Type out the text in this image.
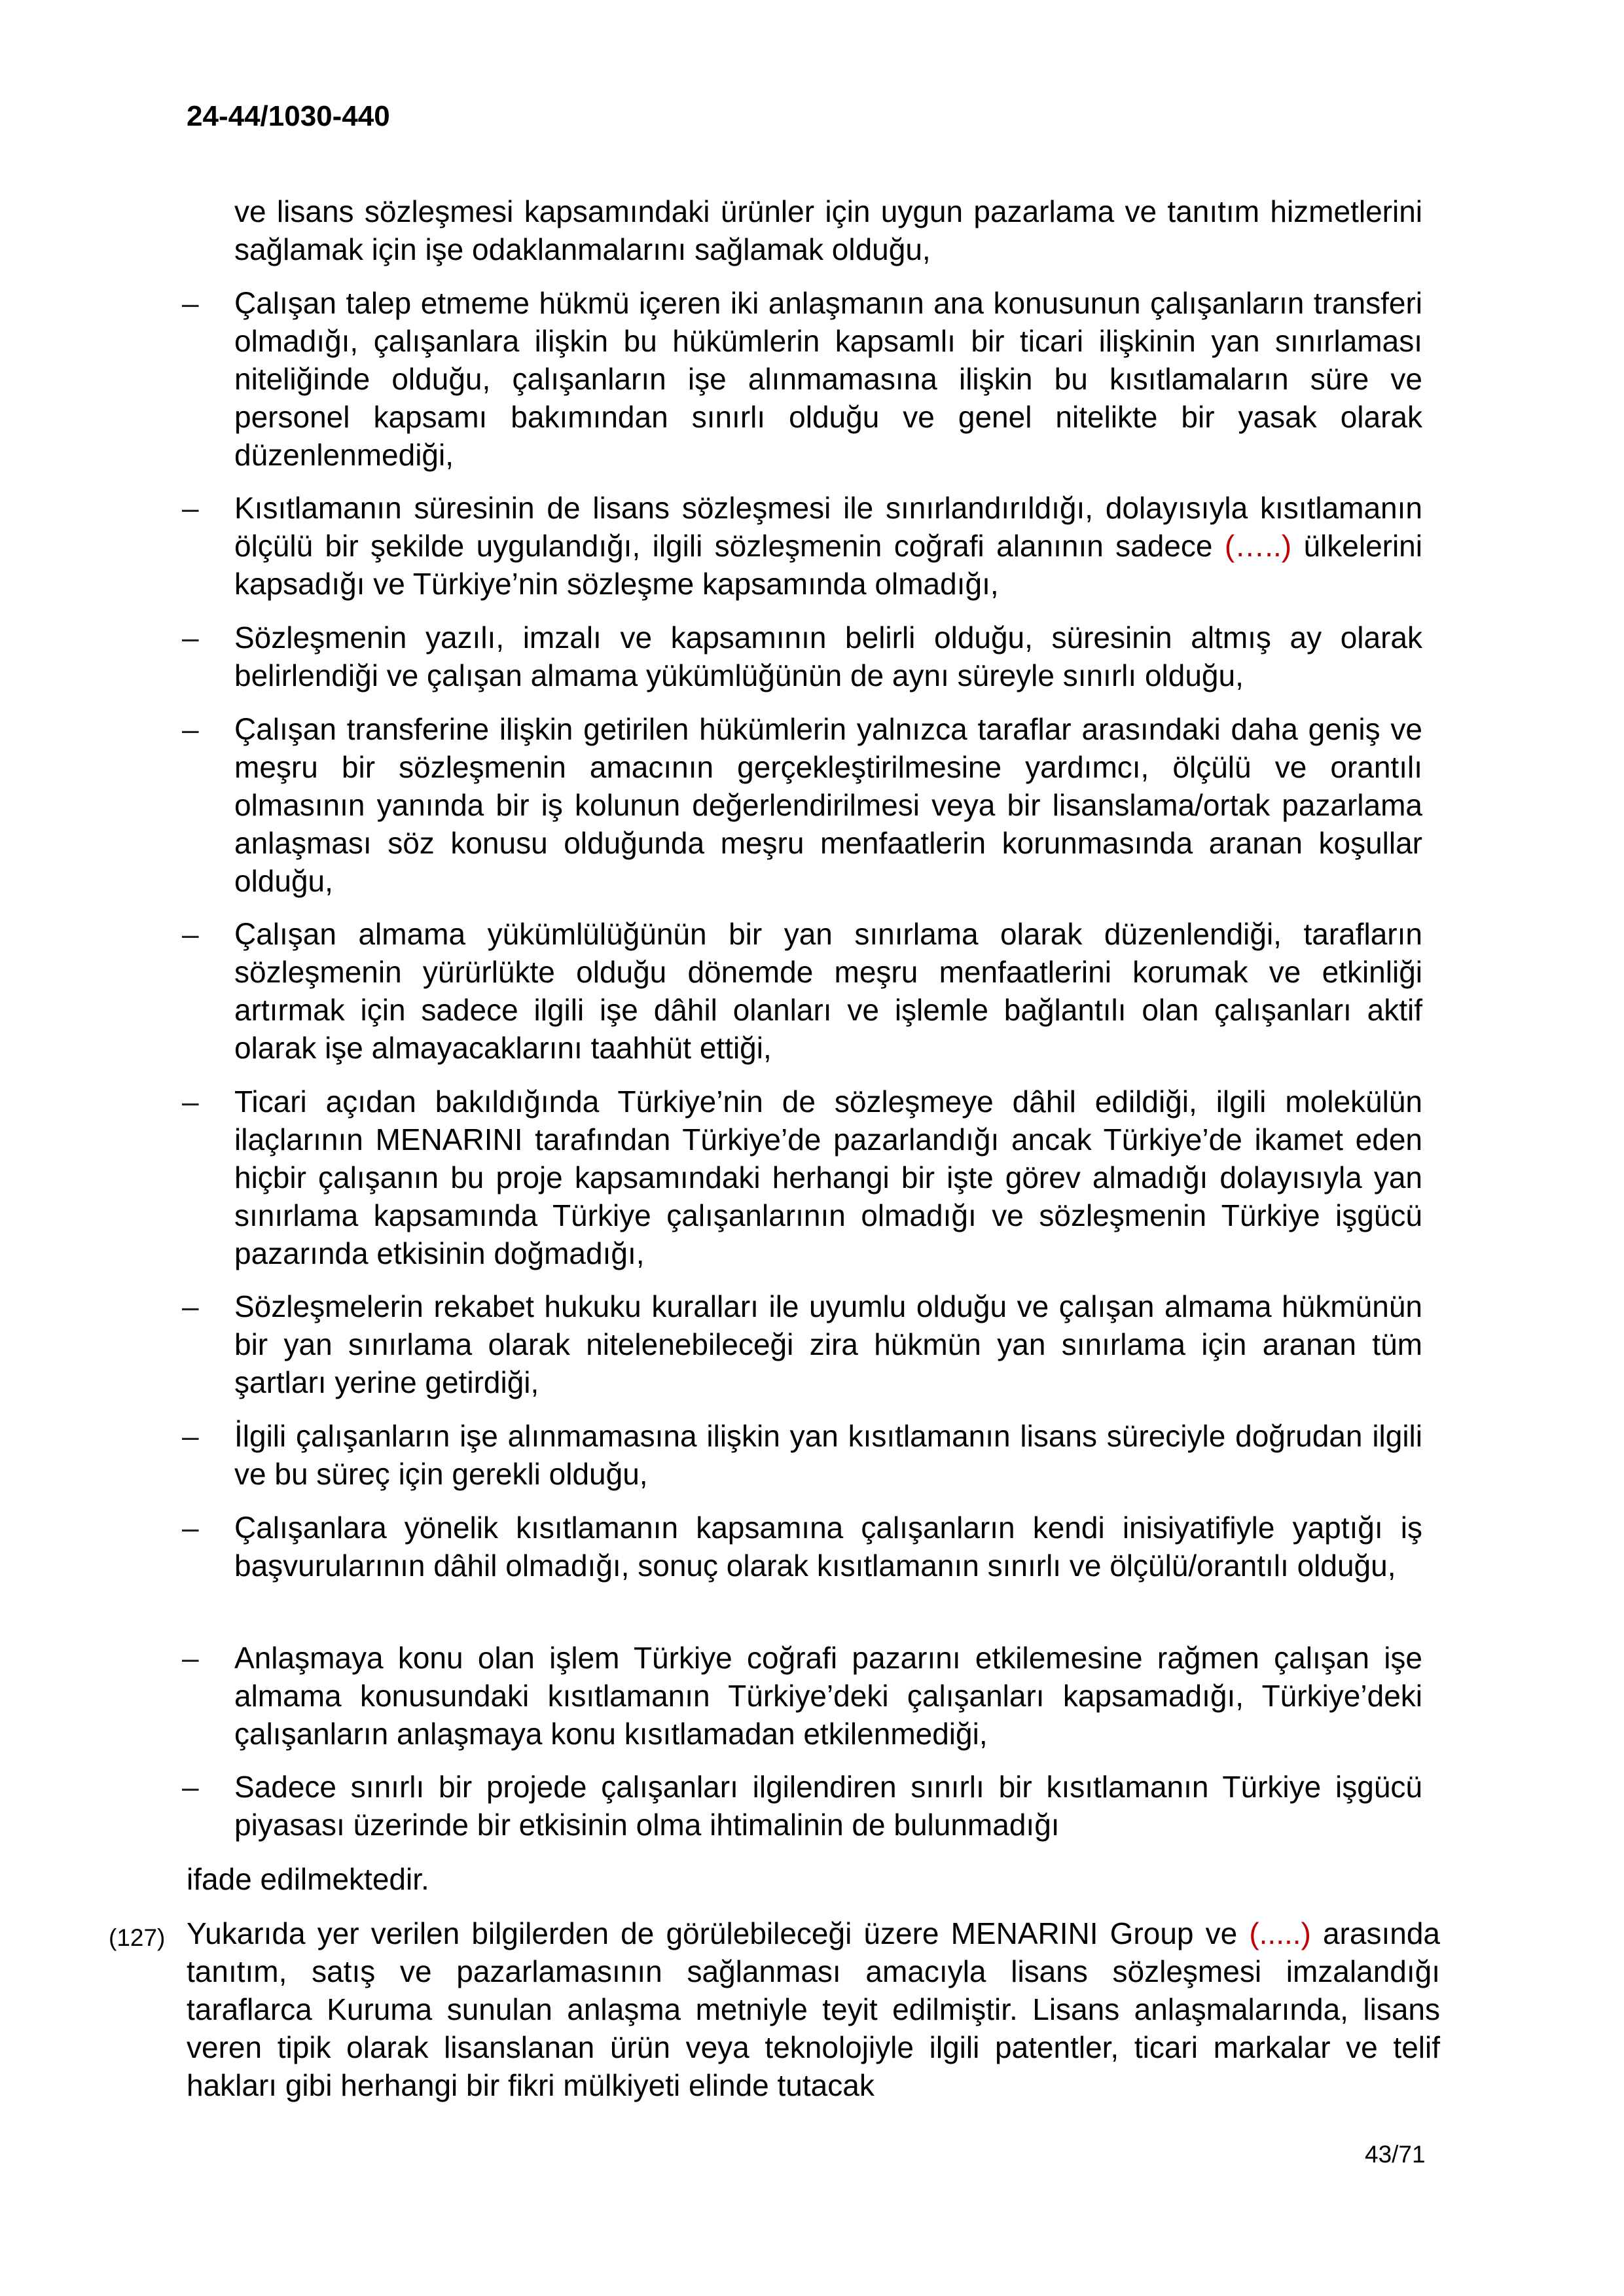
24-44/1030-440

ve lisans sözleşmesi kapsamındaki ürünler için uygun pazarlama ve tanıtım hizmetlerini sağlamak için işe odaklanmalarını sağlamak olduğu,

– Çalışan talep etmeme hükmü içeren iki anlaşmanın ana konusunun çalışanların transferi olmadığı, çalışanlara ilişkin bu hükümlerin kapsamlı bir ticari ilişkinin yan sınırlaması niteliğinde olduğu, çalışanların işe alınmamasına ilişkin bu kısıtlamaların süre ve personel kapsamı bakımından sınırlı olduğu ve genel nitelikte bir yasak olarak düzenlenmediği,

– Kısıtlamanın süresinin de lisans sözleşmesi ile sınırlandırıldığı, dolayısıyla kısıtlamanın ölçülü bir şekilde uygulandığı, ilgili sözleşmenin coğrafi alanının sadece (…..) ülkelerini kapsadığı ve Türkiye’nin sözleşme kapsamında olmadığı,

– Sözleşmenin yazılı, imzalı ve kapsamının belirli olduğu, süresinin altmış ay olarak belirlendiği ve çalışan almama yükümlüğünün de aynı süreyle sınırlı olduğu,

– Çalışan transferine ilişkin getirilen hükümlerin yalnızca taraflar arasındaki daha geniş ve meşru bir sözleşmenin amacının gerçekleştirilmesine yardımcı, ölçülü ve orantılı olmasının yanında bir iş kolunun değerlendirilmesi veya bir lisanslama/ortak pazarlama anlaşması söz konusu olduğunda meşru menfaatlerin korunmasında aranan koşullar olduğu,

– Çalışan almama yükümlülüğünün bir yan sınırlama olarak düzenlendiği, tarafların sözleşmenin yürürlükte olduğu dönemde meşru menfaatlerini korumak ve etkinliği artırmak için sadece ilgili işe dâhil olanları ve işlemle bağlantılı olan çalışanları aktif olarak işe almayacaklarını taahhüt ettiği,

– Ticari açıdan bakıldığında Türkiye’nin de sözleşmeye dâhil edildiği, ilgili molekülün ilaçlarının MENARINI tarafından Türkiye’de pazarlandığı ancak Türkiye’de ikamet eden hiçbir çalışanın bu proje kapsamındaki herhangi bir işte görev almadığı dolayısıyla yan sınırlama kapsamında Türkiye çalışanlarının olmadığı ve sözleşmenin Türkiye işgücü pazarında etkisinin doğmadığı,

– Sözleşmelerin rekabet hukuku kuralları ile uyumlu olduğu ve çalışan almama hükmünün bir yan sınırlama olarak nitelenebileceği zira hükmün yan sınırlama için aranan tüm şartları yerine getirdiği,

– İlgili çalışanların işe alınmamasına ilişkin yan kısıtlamanın lisans süreciyle doğrudan ilgili ve bu süreç için gerekli olduğu,

– Çalışanlara yönelik kısıtlamanın kapsamına çalışanların kendi inisiyatifiyle yaptığı iş başvurularının dâhil olmadığı, sonuç olarak kısıtlamanın sınırlı ve ölçülü/orantılı olduğu,

– Anlaşmaya konu olan işlem Türkiye coğrafi pazarını etkilemesine rağmen çalışan işe almama konusundaki kısıtlamanın Türkiye’deki çalışanları kapsamadığı, Türkiye’deki çalışanların anlaşmaya konu kısıtlamadan etkilenmediği,

– Sadece sınırlı bir projede çalışanları ilgilendiren sınırlı bir kısıtlamanın Türkiye işgücü piyasası üzerinde bir etkisinin olma ihtimalinin de bulunmadığı

ifade edilmektedir.

(127) Yukarıda yer verilen bilgilerden de görülebileceği üzere MENARINI Group ve (.....) arasında tanıtım, satış ve pazarlamasının sağlanması amacıyla lisans sözleşmesi imzalandığı taraflarca Kuruma sunulan anlaşma metniyle teyit edilmiştir. Lisans anlaşmalarında, lisans veren tipik olarak lisanslanan ürün veya teknolojiyle ilgili patentler, ticari markalar ve telif hakları gibi herhangi bir fikri mülkiyeti elinde tutacak

43/71
